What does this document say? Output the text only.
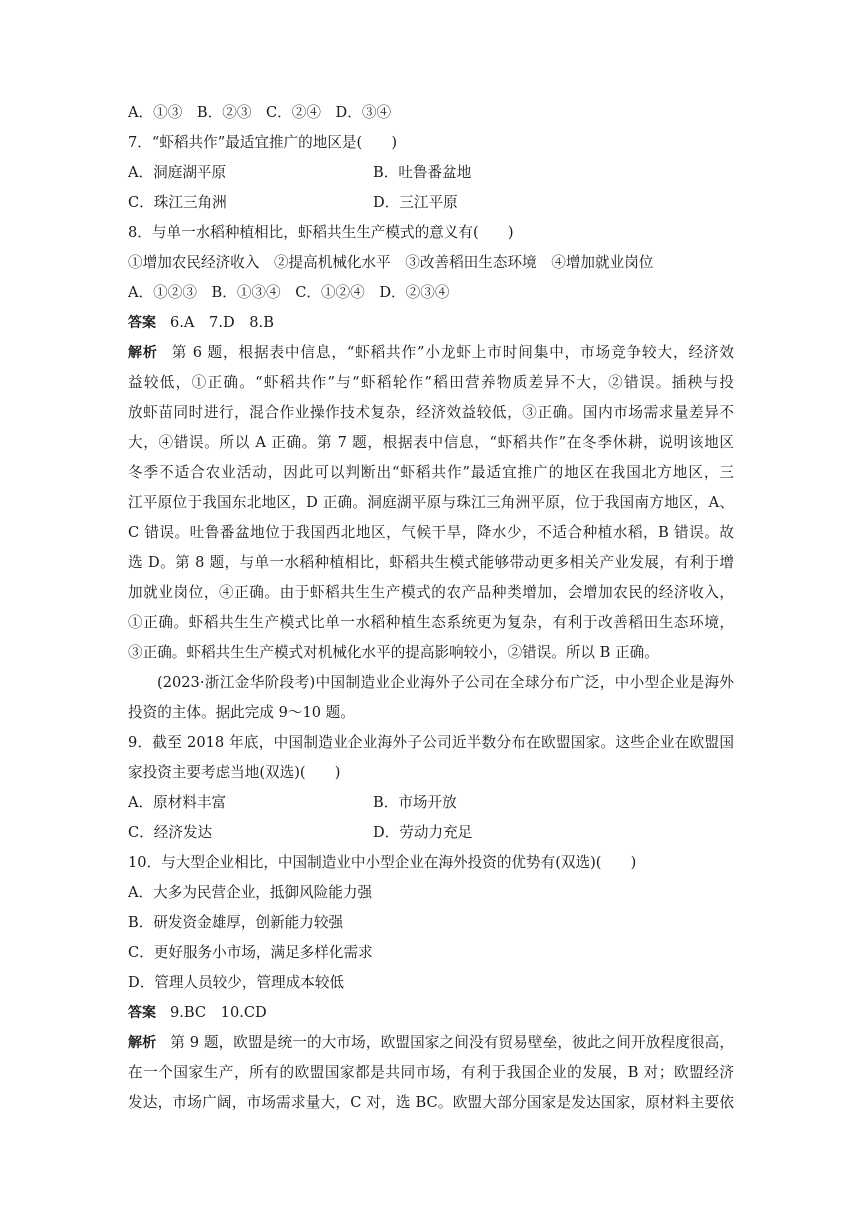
A．①③　B．②③　C．②④　D．③④
7．“虾稻共作”最适宜推广的地区是(　　)
A．洞庭湖平原	B．吐鲁番盆地
C．珠江三角洲	D．三江平原
8．与单一水稻种植相比，虾稻共生生产模式的意义有(　　)
①增加农民经济收入　②提高机械化水平　③改善稻田生态环境　④增加就业岗位
A．①②③　B．①③④　C．①②④　D．②③④
答案 6.A　7.D　8.B
解析 第 6 题，根据表中信息，“虾稻共作”小龙虾上市时间集中，市场竞争较大，经济效
益较低，①正确。“虾稻共作”与“虾稻轮作”稻田营养物质差异不大，②错误。插秧与投
放虾苗同时进行，混合作业操作技术复杂，经济效益较低，③正确。国内市场需求量差异不
大，④错误。所以 A 正确。第 7 题，根据表中信息，“虾稻共作”在冬季休耕，说明该地区
冬季不适合农业活动，因此可以判断出“虾稻共作”最适宜推广的地区在我国北方地区，三
江平原位于我国东北地区，D 正确。洞庭湖平原与珠江三角洲平原，位于我国南方地区，A、
C 错误。吐鲁番盆地位于我国西北地区，气候干旱，降水少，不适合种植水稻，B 错误。故
选 D。第 8 题，与单一水稻种植相比，虾稻共生模式能够带动更多相关产业发展，有利于增
加就业岗位，④正确。由于虾稻共生生产模式的农产品种类增加，会增加农民的经济收入，
①正确。虾稻共生生产模式比单一水稻种植生态系统更为复杂，有利于改善稻田生态环境，
③正确。虾稻共生生产模式对机械化水平的提高影响较小，②错误。所以 B 正确。
(2023·浙江金华阶段考)中国制造业企业海外子公司在全球分布广泛，中小型企业是海外
投资的主体。据此完成 9～10 题。
9．截至 2018 年底，中国制造业企业海外子公司近半数分布在欧盟国家。这些企业在欧盟国
家投资主要考虑当地(双选)(　　)
A．原材料丰富	B．市场开放
C．经济发达	D．劳动力充足
10．与大型企业相比，中国制造业中小型企业在海外投资的优势有(双选)(　　)
A．大多为民营企业，抵御风险能力强
B．研发资金雄厚，创新能力较强
C．更好服务小市场，满足多样化需求
D．管理人员较少，管理成本较低
答案 9.BC　10.CD
解析 第 9 题，欧盟是统一的大市场，欧盟国家之间没有贸易壁垒，彼此之间开放程度很高，
在一个国家生产，所有的欧盟国家都是共同市场，有利于我国企业的发展，B 对；欧盟经济
发达，市场广阔，市场需求量大，C 对，选 BC。欧盟大部分国家是发达国家，原材料主要依
